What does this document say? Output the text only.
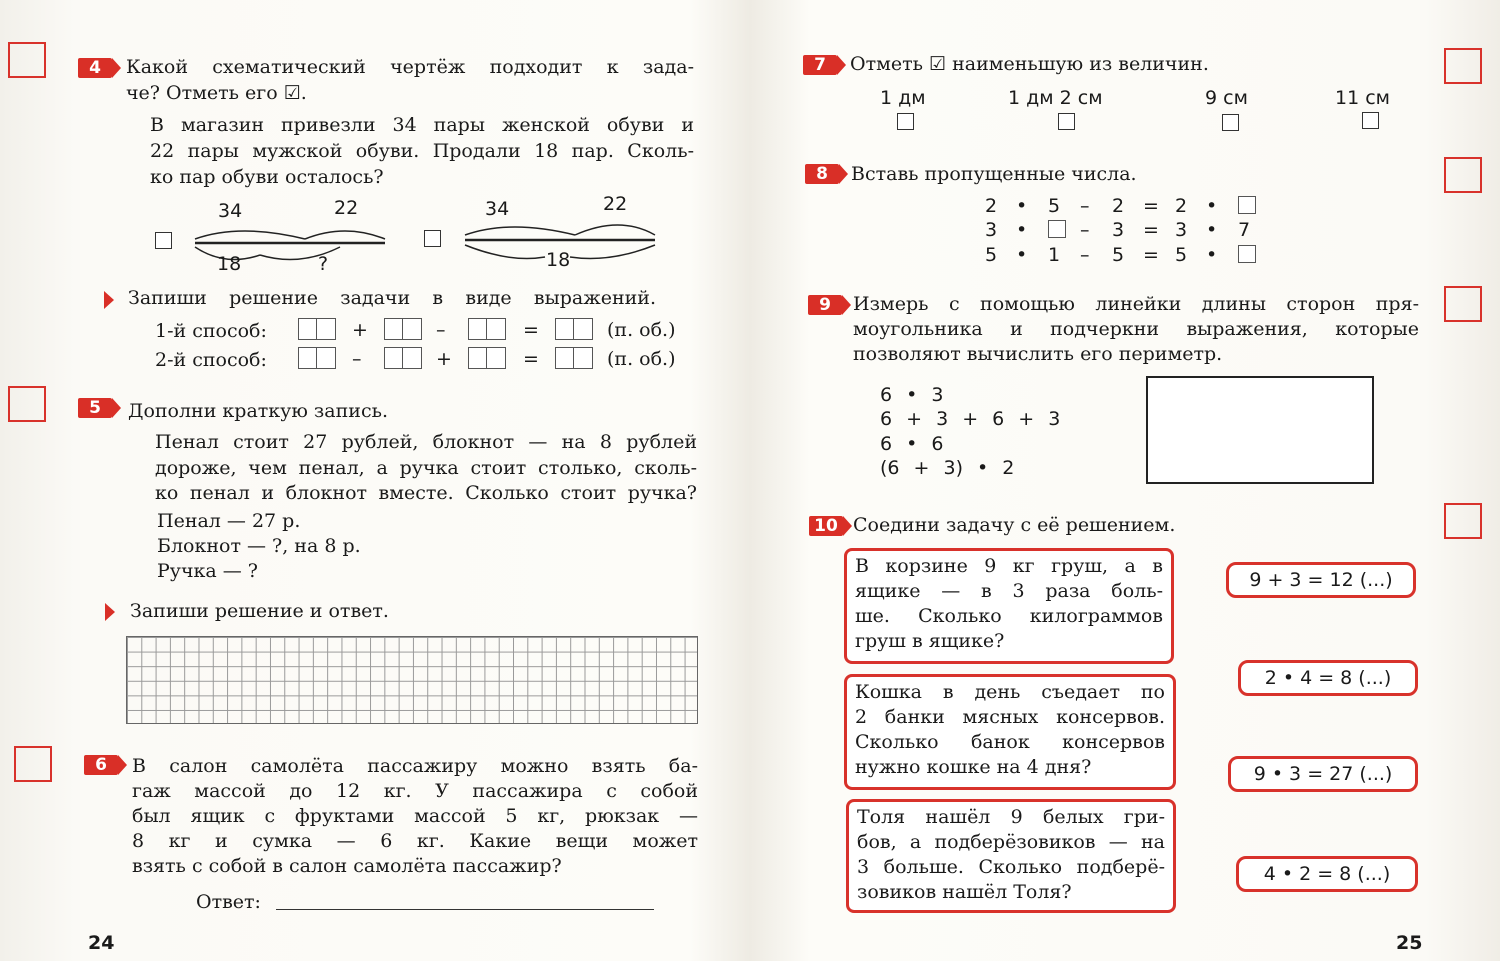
4	Какой схематический чертёж подходит к зада-
че? Отметь его ☑.
В магазин привезли 34 пары женской обуви и
22 пары мужской обуви. Продали 18 пар. Сколь-
ко пар обуви осталось?
34	22
18	?
34	22
18
Запиши решение задачи в виде выражений.
1-й способ:	+	–	=	(п. об.)
2-й способ:	–	+	=	(п. об.)
5	Дополни краткую запись.
Пенал стоит 27 рублей, блокнот — на 8 рублей
дороже, чем пенал, а ручка стоит столько, сколь-
ко пенал и блокнот вместе. Сколько стоит ручка?
Пенал — 27 р.
Блокнот — ?, на 8 р.
Ручка — ?
Запиши решение и ответ.
6	В салон самолёта пассажиру можно взять ба-
гаж массой до 12 кг. У пассажира с собой
был ящик с фруктами массой 5 кг, рюкзак —
8 кг и сумка — 6 кг. Какие вещи может
взять с собой в салон самолёта пассажир?
Ответ:
24
7	Отметь ☑ наименьшую из величин.
1 дм	1 дм 2 см	9 см	11 см
8	Вставь пропущенные числа.
2 • 5 – 2 = 2 •
3 •	– 3 = 3 • 7
5 • 1 – 5 = 5 •
9	Измерь с помощью линейки длины сторон пря-
моугольника и подчеркни выражения, которые
позволяют вычислить его периметр.
6 • 3
6 + 3 + 6 + 3
6 • 6
(6 + 3) • 2
10 Соедини задачу с её решением.
В корзине 9 кг груш, а в
ящике — в 3 раза боль-
ше. Сколько килограммов
груш в ящике?
Кошка в день съедает по
2 банки мясных консервов.
Сколько банок консервов
нужно кошке на 4 дня?
Толя нашёл 9 белых гри-
бов, а подберёзовиков — на
3 больше. Сколько подберё-
зовиков нашёл Толя?
9 + 3 = 12 (...)
2 • 4 = 8 (...)
9 • 3 = 27 (...)
4 • 2 = 8 (...)
25
